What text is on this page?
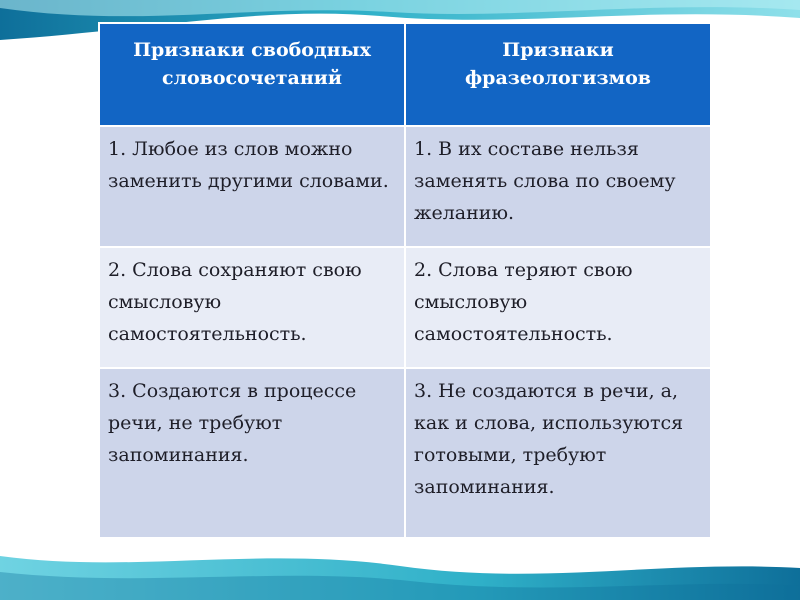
Признаки свободных словосочетаний	Признаки фразеологизмов
1. Любое из слов можно заменить другими словами.	1. В их составе нельзя заменять слова по своему желанию.
2. Слова сохраняют свою смысловую самостоятельность.	2. Слова теряют свою смысловую самостоятельность.
3. Создаются в процессе речи, не требуют запоминания.	3. Не создаются в речи, а, как и слова, используются готовыми, требуют запоминания.
